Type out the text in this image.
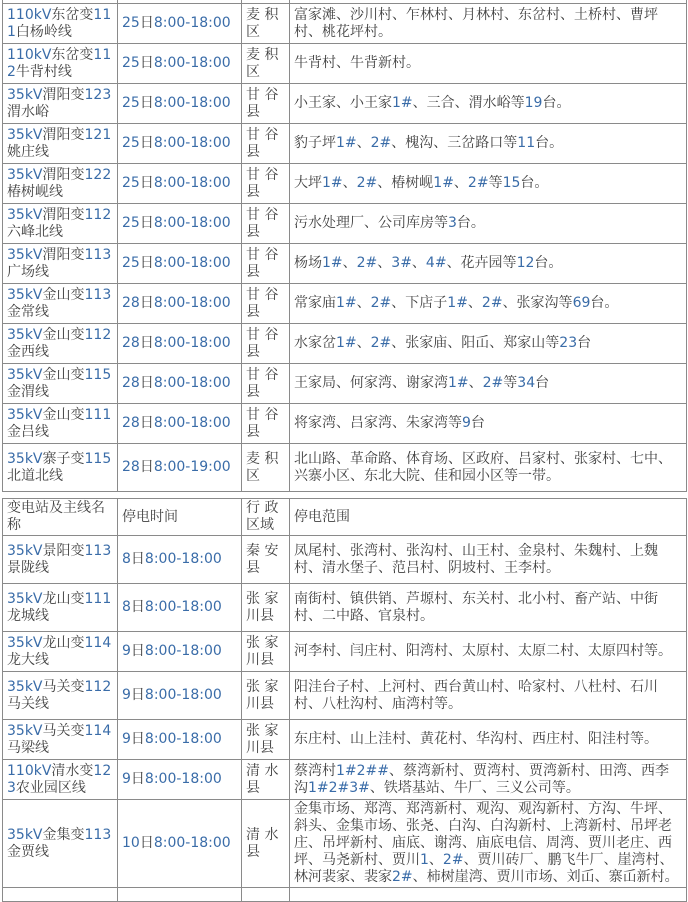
110kV东岔变111白杨岭线	25日8:00-18:00	麦 积区	富家滩、沙川村、乍林村、月林村、东岔村、土桥村、曹坪村、桃花坪村。
110kV东岔变112牛背村线	25日8:00-18:00	麦 积区	牛背村、牛背新村。
35kV渭阳变123渭水峪	25日8:00-18:00	甘 谷县	小王家、小王家1#、三合、渭水峪等19台。
35kV渭阳变121姚庄线	25日8:00-18:00	甘 谷县	豹子坪1#、2#、槐沟、三岔路口等11台。
35kV渭阳变122椿树岘线	25日8:00-18:00	甘 谷县	大坪1#、2#、椿树岘1#、2#等15台。
35kV渭阳变112六峰北线	25日8:00-18:00	甘 谷县	污水处理厂、公司库房等3台。
35kV渭阳变113广场线	25日8:00-18:00	甘 谷县	杨场1#、2#、3#、4#、花卉园等12台。
35kV金山变113金常线	28日8:00-18:00	甘 谷县	常家庙1#、2#、下店子1#、2#、张家沟等69台。
35kV金山变112金西线	28日8:00-18:00	甘 谷县	水家岔1#、2#、张家庙、阳屲、郑家山等23台
35kV金山变115金渭线	28日8:00-18:00	甘 谷县	王家局、何家湾、谢家湾1#、2#等34台
35kV金山变111金吕线	28日8:00-18:00	甘 谷县	将家湾、吕家湾、朱家湾等9台
35kV寨子变115北道北线	28日8:00-19:00	麦 积区	北山路、革命路、体育场、区政府、吕家村、张家村、七中、兴寨小区、东北大院、佳和园小区等一带。
变电站及主线名称	停电时间	行 政区域	停电范围
35kV景阳变113景陇线	8日8:00-18:00	秦 安县	凤尾村、张湾村、张沟村、山王村、金泉村、朱魏村、上魏村、清水堡子、范吕村、阴坡村、王李村。
35kV龙山变111龙城线	8日8:00-18:00	张 家川县	南街村、镇供销、芦塬村、东关村、北小村、畜产站、中街村、二中路、官泉村。
35kV龙山变114龙大线	9日8:00-18:00	张 家川县	河李村、闫庄村、阳湾村、太原村、太原二村、太原四村等。
35kV马关变112马关线	9日8:00-18:00	张 家川县	阳洼台子村、上河村、西台黄山村、哈家村、八杜村、石川村、八杜沟村、庙湾村等。
35kV马关变114马梁线	9日8:00-18:00	张 家川县	东庄村、山上洼村、黄花村、华沟村、西庄村、阳洼村等。
110kV清水变123农业园区线	9日8:00-18:00	清 水县	蔡湾村1#2##、蔡湾新村、贾湾村、贾湾新村、田湾、西李沟1#2#3#、铁塔基站、牛厂、三义公司等。
35kV金集变113金贾线	10日8:00-18:00	清 水县	金集市场、郑湾、郑湾新村、观沟、观沟新村、方沟、牛坪、斜头、金集市场、张尧、白沟、白沟新村、上湾新村、吊坪老庄、吊坪新村、庙底、谢湾、庙底电信、周湾、贾川老庄、西坪、马尧新村、贾川1、2#、贾川砖厂、鹏飞牛厂、崖湾村、林河裴家、裴家2#、柿树崖湾、贾川市场、刘屲、寨屲新村。
